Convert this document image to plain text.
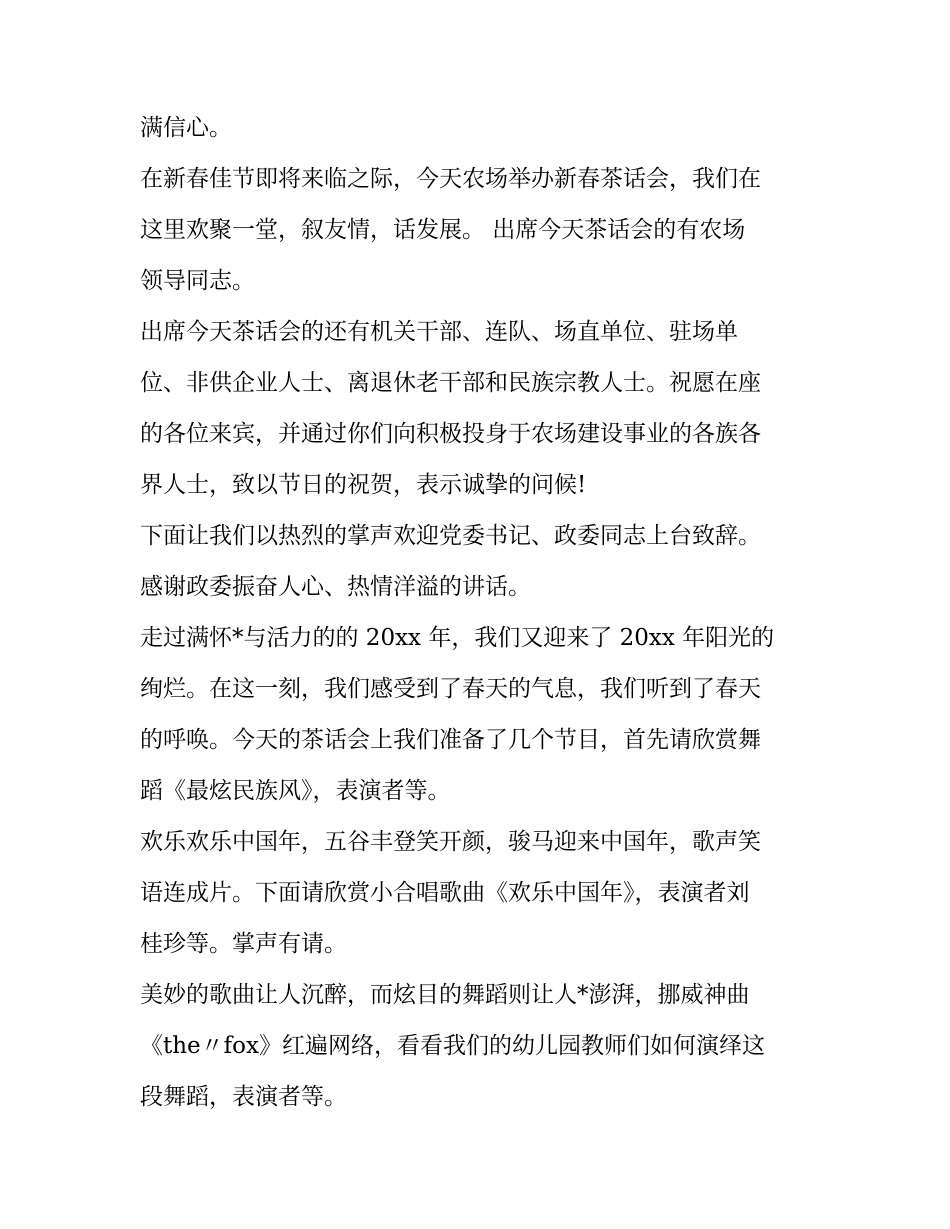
满信心。
在新春佳节即将来临之际，今天农场举办新春茶话会，我们在
这里欢聚一堂，叙友情，话发展。 出席今天茶话会的有农场
领导同志。
出席今天茶话会的还有机关干部、连队、场直单位、驻场单
位、非供企业人士、离退休老干部和民族宗教人士。祝愿在座
的各位来宾，并通过你们向积极投身于农场建设事业的各族各
界人士，致以节日的祝贺，表示诚挚的问候!
下面让我们以热烈的掌声欢迎党委书记、政委同志上台致辞。
感谢政委振奋人心、热情洋溢的讲话。
走过满怀*与活力的的 20xx 年，我们又迎来了 20xx 年阳光的
绚烂。在这一刻，我们感受到了春天的气息，我们听到了春天
的呼唤。今天的茶话会上我们准备了几个节目，首先请欣赏舞
蹈《最炫民族风》，表演者等。
欢乐欢乐中国年，五谷丰登笑开颜，骏马迎来中国年，歌声笑
语连成片。下面请欣赏小合唱歌曲《欢乐中国年》，表演者刘
桂珍等。掌声有请。
美妙的歌曲让人沉醉，而炫目的舞蹈则让人*澎湃，挪威神曲
《the〃fox》红遍网络，看看我们的幼儿园教师们如何演绎这
段舞蹈，表演者等。
